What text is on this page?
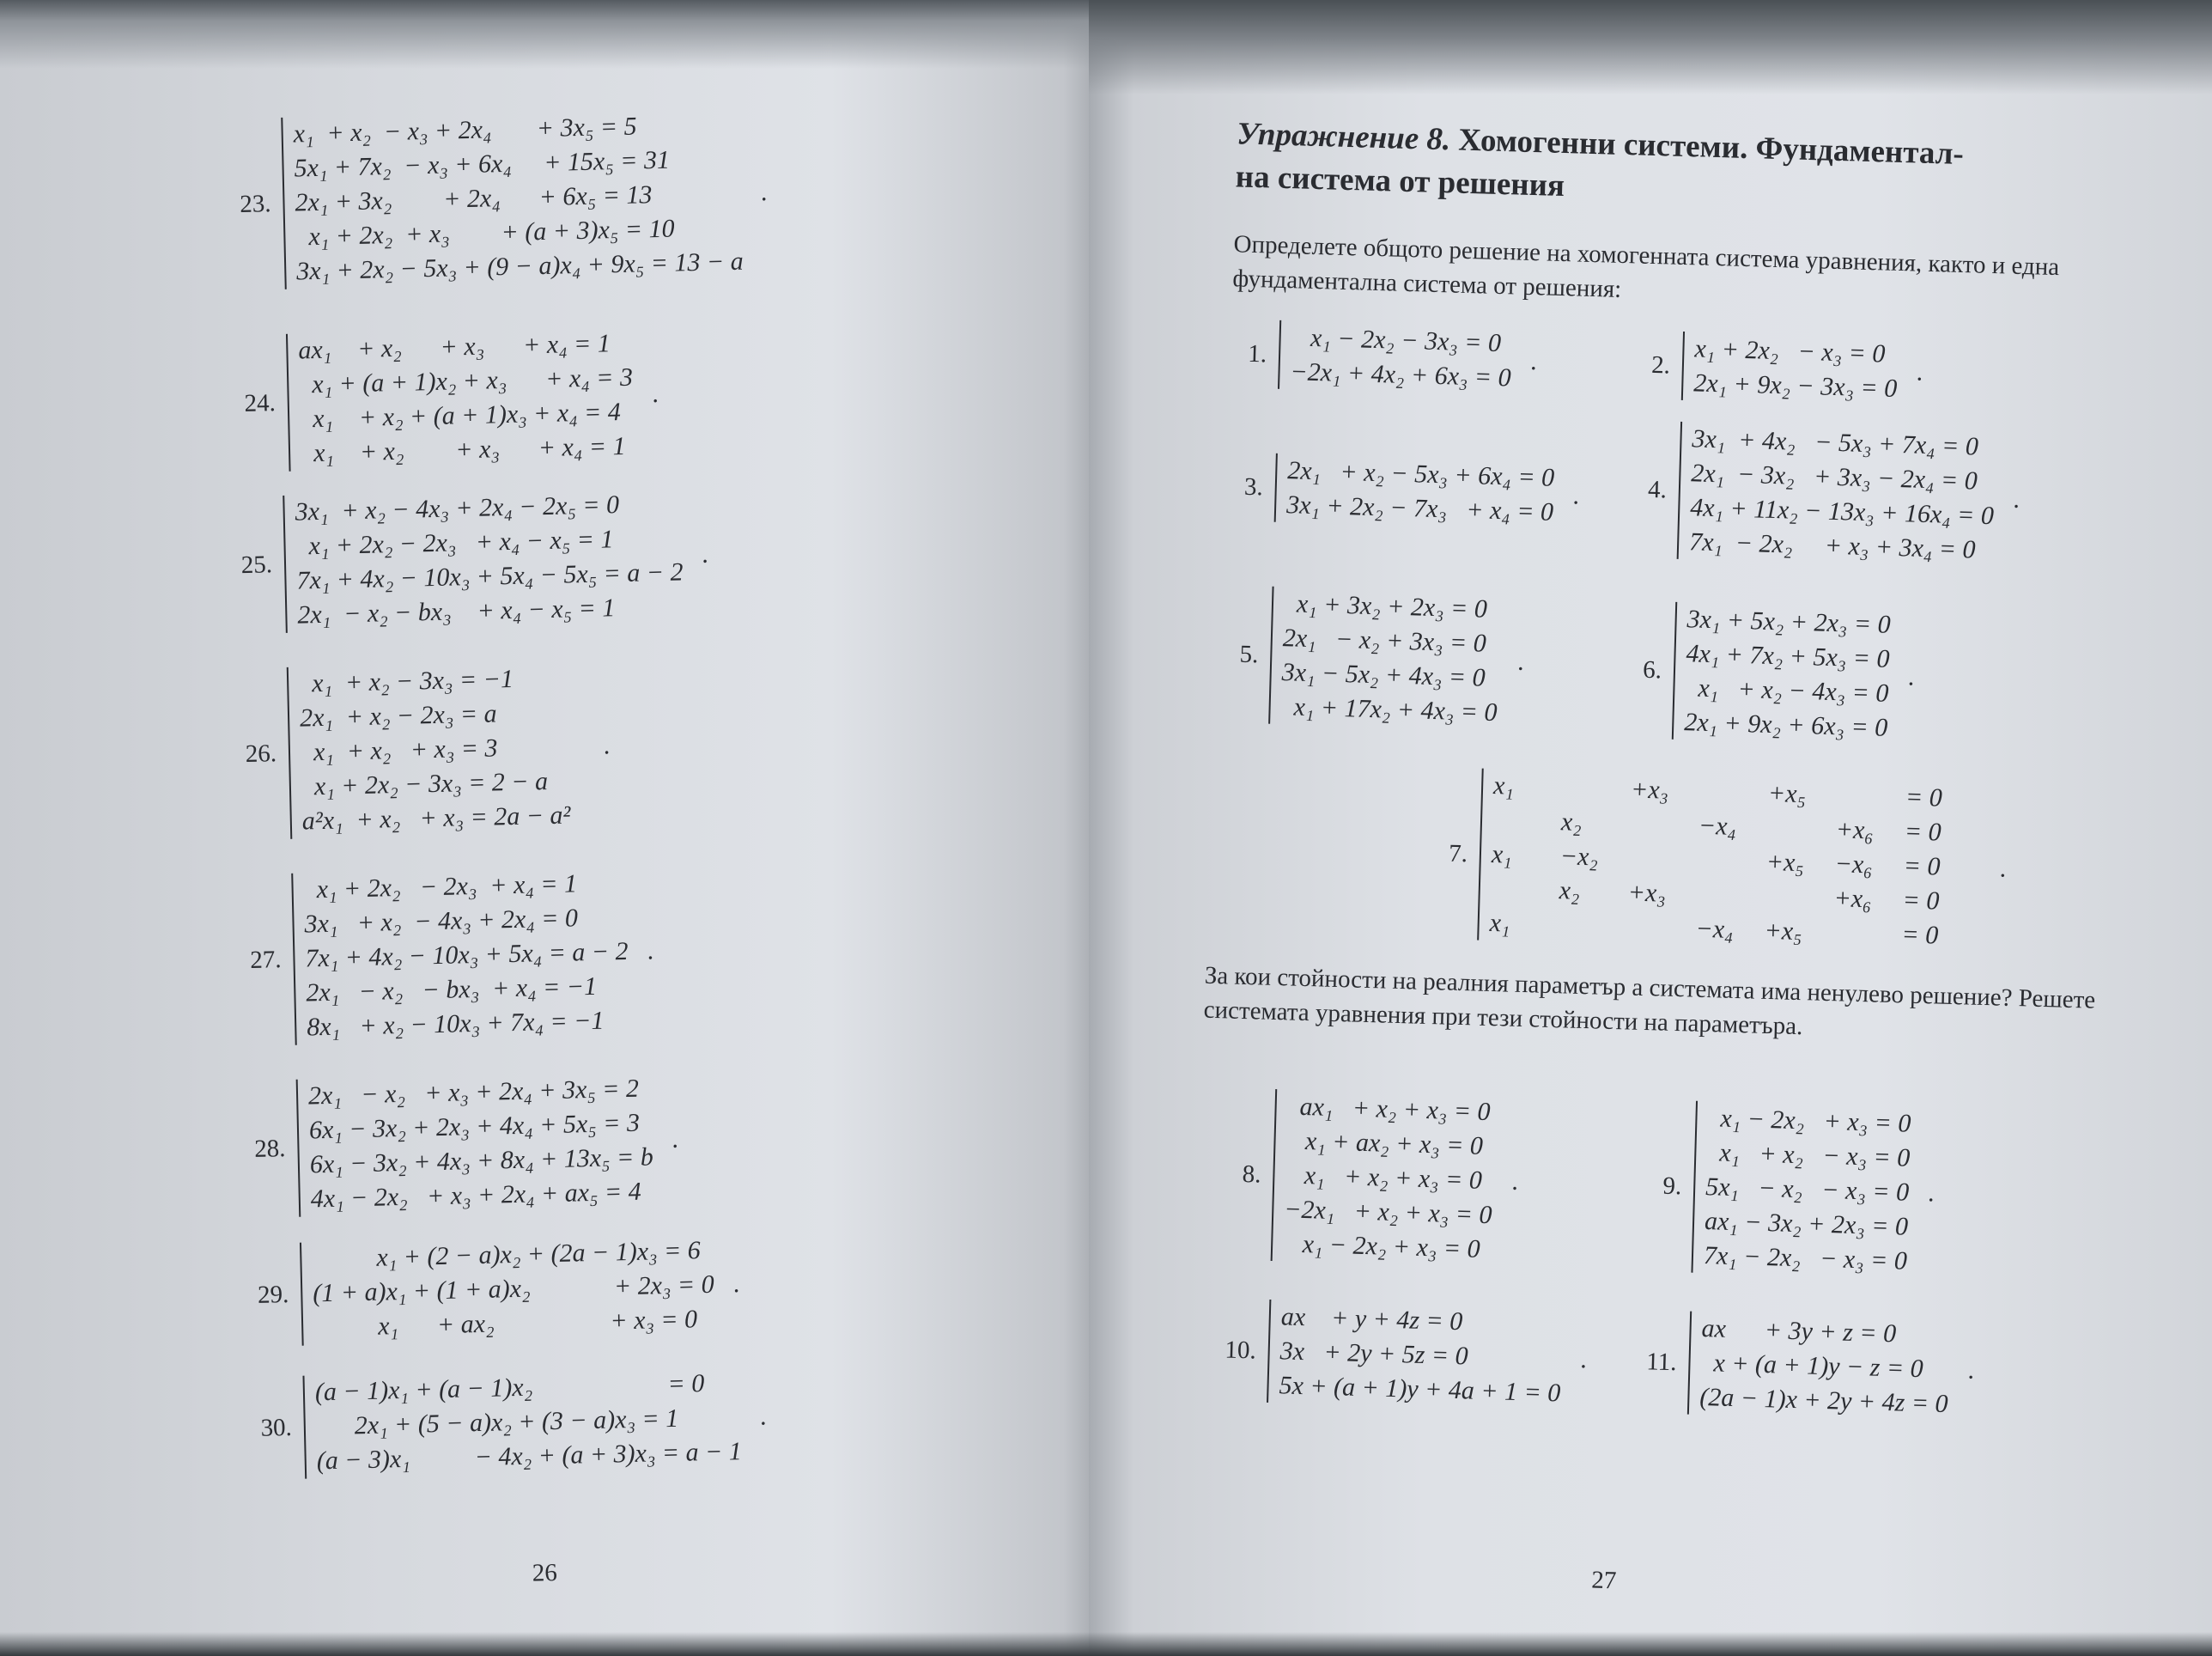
23.
x₁  + x₂  − x₃ + 2x₄       + 3x₅ = 5
5x₁ + 7x₂  − x₃ + 6x₄     + 15x₅ = 31
2x₁ + 3x₂        + 2x₄      + 6x₅ = 13
x₁ + 2x₂  + x₃        + (a + 3)x₅ = 10
3x₁ + 2x₂ − 5x₃ + (9 − a)x₄ + 9x₅ = 13 − a
.
24.
ax₁    + x₂      + x₃      + x₄ = 1
x₁ + (a + 1)x₂ + x₃      + x₄ = 3
x₁    + x₂ + (a + 1)x₃ + x₄ = 4
x₁    + x₂        + x₃      + x₄ = 1
.
25.
3x₁  + x₂ − 4x₃ + 2x₄ − 2x₅ = 0
x₁ + 2x₂ − 2x₃   + x₄ − x₅ = 1
7x₁ + 4x₂ − 10x₃ + 5x₄ − 5x₅ = a − 2
2x₁  − x₂ − bx₃    + x₄ − x₅ = 1
.
26.
x₁  + x₂ − 3x₃ = −1
2x₁  + x₂ − 2x₃ = a
x₁  + x₂   + x₃ = 3
x₁ + 2x₂ − 3x₃ = 2 − a
a²x₁  + x₂   + x₃ = 2a − a²
.
27.
x₁ + 2x₂   − 2x₃  + x₄ = 1
3x₁   + x₂  − 4x₃ + 2x₄ = 0
7x₁ + 4x₂ − 10x₃ + 5x₄ = a − 2
2x₁   − x₂   − bx₃  + x₄ = −1
8x₁   + x₂ − 10x₃ + 7x₄ = −1
.
28.
2x₁   − x₂   + x₃ + 2x₄ + 3x₅ = 2
6x₁ − 3x₂ + 2x₃ + 4x₄ + 5x₅ = 3
6x₁ − 3x₂ + 4x₃ + 8x₄ + 13x₅ = b
4x₁ − 2x₂   + x₃ + 2x₄ + ax₅ = 4
.
29.
x₁ + (2 − a)x₂ + (2a − 1)x₃ = 6
(1 + a)x₁ + (1 + a)x₂             + 2x₃ = 0
x₁      + ax₂                  + x₃ = 0
.
30.
(a − 1)x₁ + (a − 1)x₂                     = 0
2x₁ + (5 − a)x₂ + (3 − a)x₃ = 1
(a − 3)x₁          − 4x₂ + (a + 3)x₃ = a − 1
.
26
Упражнение 8. Хомогенни системи. Фундаментал-
на система от решения
Определете общото решение на хомогенната система уравнения, както и една фундаментална система от решения:
1. x₁ − 2x₂ − 3x₃ = 0
−2x₁ + 4x₂ + 6x₃ = 0 .	2. x₁ + 2x₂   − x₃ = 0
2x₁ + 9x₂ − 3x₃ = 0 .
3. 2x₁   + x₂ − 5x₃ + 6x₄ = 0
3x₁ + 2x₂ − 7x₃   + x₄ = 0 .	4.
3x₁  + 4x₂   − 5x₃ + 7x₄ = 0
2x₁  − 3x₂   + 3x₃ − 2x₄ = 0
4x₁ + 11x₂ − 13x₃ + 16x₄ = 0
7x₁  − 2x₂     + x₃ + 3x₄ = 0
.
5.
x₁ + 3x₂ + 2x₃ = 0
2x₁   − x₂ + 3x₃ = 0
3x₁ − 5x₂ + 4x₃ = 0
x₁ + 17x₂ + 4x₃ = 0
.	6.
3x₁ + 5x₂ + 2x₃ = 0
4x₁ + 7x₂ + 5x₃ = 0
x₁   + x₂ − 4x₃ = 0
2x₁ + 9x₂ + 6x₃ = 0
.
7.
x₁	+x₃	+x₅	= 0
x₂	−x₄	+x₆	= 0
x₁	−x₂	+x₅	−x₆	= 0
x₂	+x₃	+x₆	= 0
x₁	−x₄	+x₅	= 0
.
За кои стойности на реалния параметър a системата има ненулево решение? Решете системата уравнения при тези стойности на параметъра.
8.
ax₁   + x₂ + x₃ = 0
x₁ + ax₂ + x₃ = 0
x₁   + x₂ + x₃ = 0
−2x₁   + x₂ + x₃ = 0
x₁ − 2x₂ + x₃ = 0
.	9.
x₁ − 2x₂   + x₃ = 0
x₁   + x₂   − x₃ = 0
5x₁   − x₂   − x₃ = 0
ax₁ − 3x₂ + 2x₃ = 0
7x₁ − 2x₂   − x₃ = 0
.
10.
ax    + y + 4z = 0
3x   + 2y + 5z = 0
5x + (a + 1)y + 4a + 1 = 0
.	11.
ax      + 3y + z = 0
x + (a + 1)y − z = 0
(2a − 1)x + 2y + 4z = 0
.
27
